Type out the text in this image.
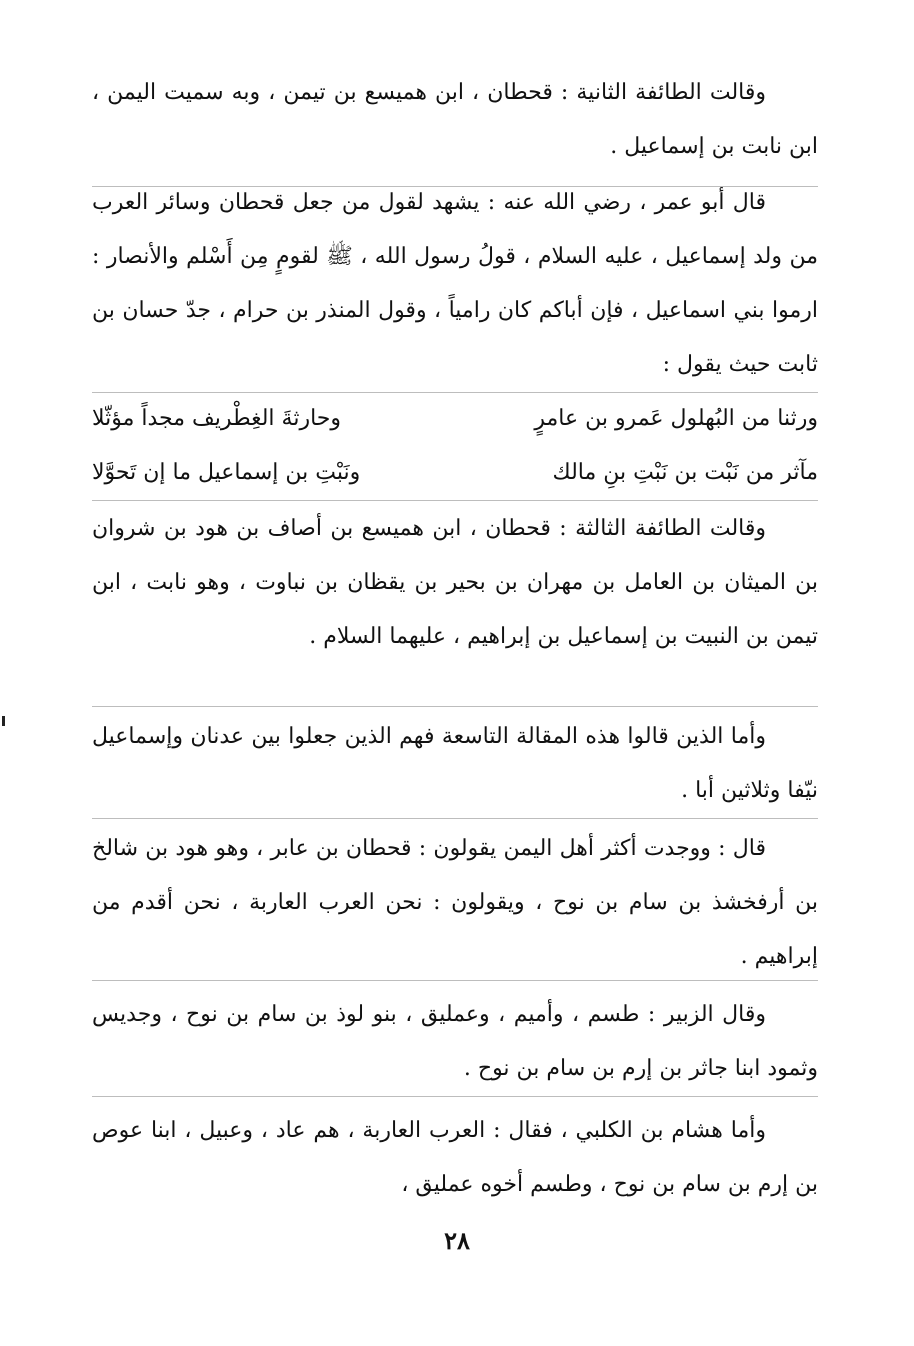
وقالت الطائفة الثانية : قحطان ، ابن هميسع بن تيمن ، وبه سميت اليمن ، ابن نابت بن إسماعيل .

قال أبو عمر ، رضي الله عنه : يشهد لقول من جعل قحطان وسائر العرب من ولد إسماعيل ، عليه السلام ، قولُ رسول الله ، ﷺ لقومٍ مِن أَسْلم والأنصار : ارموا بني اسماعيل ، فإن أباكم كان رامياً ، وقول المنذر بن حرام ، جدّ حسان بن ثابت حيث يقول :

ورثنا من البُهلول عَمرو بن عامرٍ
وحارثةَ الغِطْريف مجداً مؤثّلا
مآثر من نَبْت بن نَبْتِ بنِ مالك
ونَبْتِ بن إسماعيل ما إن تَحوَّلا

وقالت الطائفة الثالثة : قحطان ، ابن هميسع بن أصاف بن هود بن شروان بن الميثان بن العامل بن مهران بن بحير بن يقظان بن نباوت ، وهو نابت ، ابن تيمن بن النبيت بن إسماعيل بن إبراهيم ، عليهما السلام .

وأما الذين قالوا هذه المقالة التاسعة فهم الذين جعلوا بين عدنان وإسماعيل نيّفا وثلاثين أبا .

قال : ووجدت أكثر أهل اليمن يقولون : قحطان بن عابر ، وهو هود بن شالخ بن أرفخشذ بن سام بن نوح ، ويقولون : نحن العرب العاربة ، نحن أقدم من إبراهيم .

وقال الزبير : طسم ، وأميم ، وعمليق ، بنو لوذ بن سام بن نوح ، وجديس وثمود ابنا جاثر بن إرم بن سام بن نوح .

وأما هشام بن الكلبي ، فقال : العرب العاربة ، هم عاد ، وعبيل ، ابنا عوص بن إرم بن سام بن نوح ، وطسم أخوه عمليق ،

٢٨
